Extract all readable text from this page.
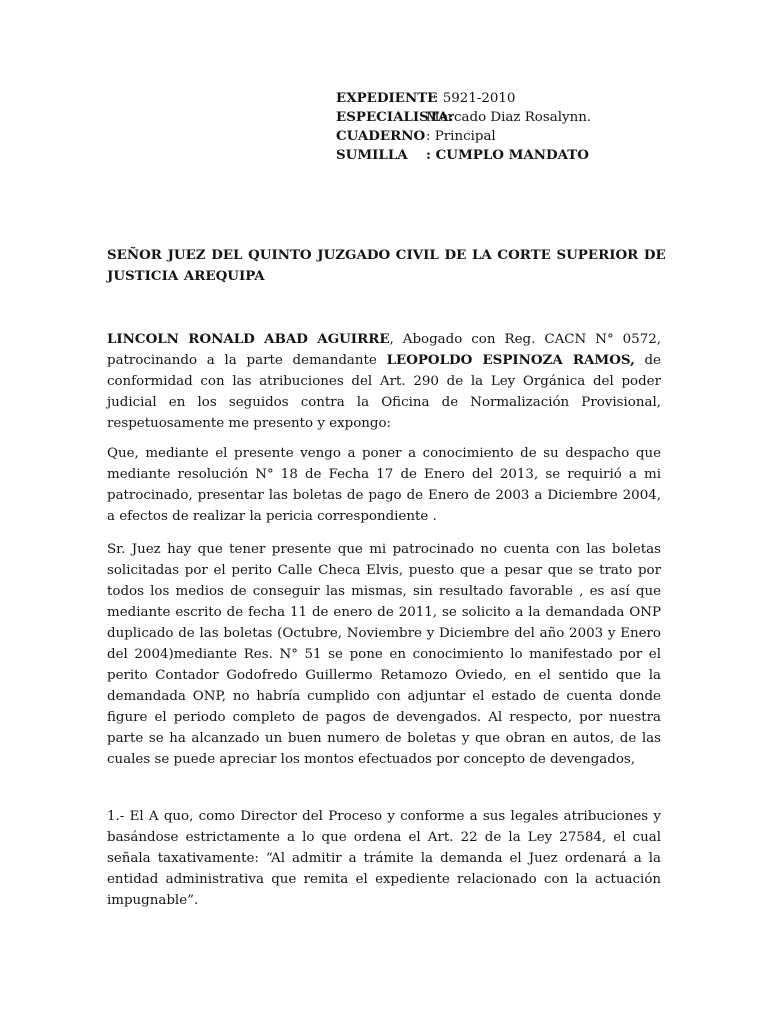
EXPEDIENTE: 5921-2010
ESPECIALISTA:Mercado Diaz Rosalynn.
CUADERNO: Principal
SUMILLA : CUMPLO MANDATO
SEÑOR JUEZ DEL QUINTO JUZGADO CIVIL DE LA CORTE SUPERIOR DE JUSTICIA AREQUIPA

LINCOLN RONALD ABAD AGUIRRE, Abogado con Reg. CACN N° 0572, patrocinando a la parte demandante LEOPOLDO ESPINOZA RAMOS, de conformidad con las atribuciones del Art. 290 de la Ley Orgánica del poder judicial en los seguidos contra la Oficina de Normalización Provisional, respetuosamente me presento y expongo:

Que, mediante el presente vengo a poner a conocimiento de su despacho que mediante resolución N° 18 de Fecha 17 de Enero del 2013, se requirió a mi patrocinado, presentar las boletas de pago de Enero de 2003 a Diciembre 2004, a efectos de realizar la pericia correspondiente .

Sr. Juez hay que tener presente que mi patrocinado no cuenta con las boletas solicitadas por el perito Calle Checa Elvis, puesto que a pesar que se trato por todos los medios de conseguir las mismas, sin resultado favorable , es así que mediante escrito de fecha 11 de enero de 2011, se solicito a la demandada ONP duplicado de las boletas (Octubre, Noviembre y Diciembre del año 2003 y Enero del 2004)mediante Res. N° 51 se pone en conocimiento lo manifestado por el perito Contador Godofredo Guillermo Retamozo Oviedo, en el sentido que la demandada ONP, no habría cumplido con adjuntar el estado de cuenta donde figure el periodo completo de pagos de devengados. Al respecto, por nuestra parte se ha alcanzado un buen numero de boletas y que obran en autos, de las cuales se puede apreciar los montos efectuados por concepto de devengados,

1.- El A quo, como Director del Proceso y conforme a sus legales atribuciones y basándose estrictamente a lo que ordena el Art. 22 de la Ley 27584, el cual señala taxativamente: “Al admitir a trámite la demanda el Juez ordenará a la entidad administrativa que remita el expediente relacionado con la actuación impugnable”.
